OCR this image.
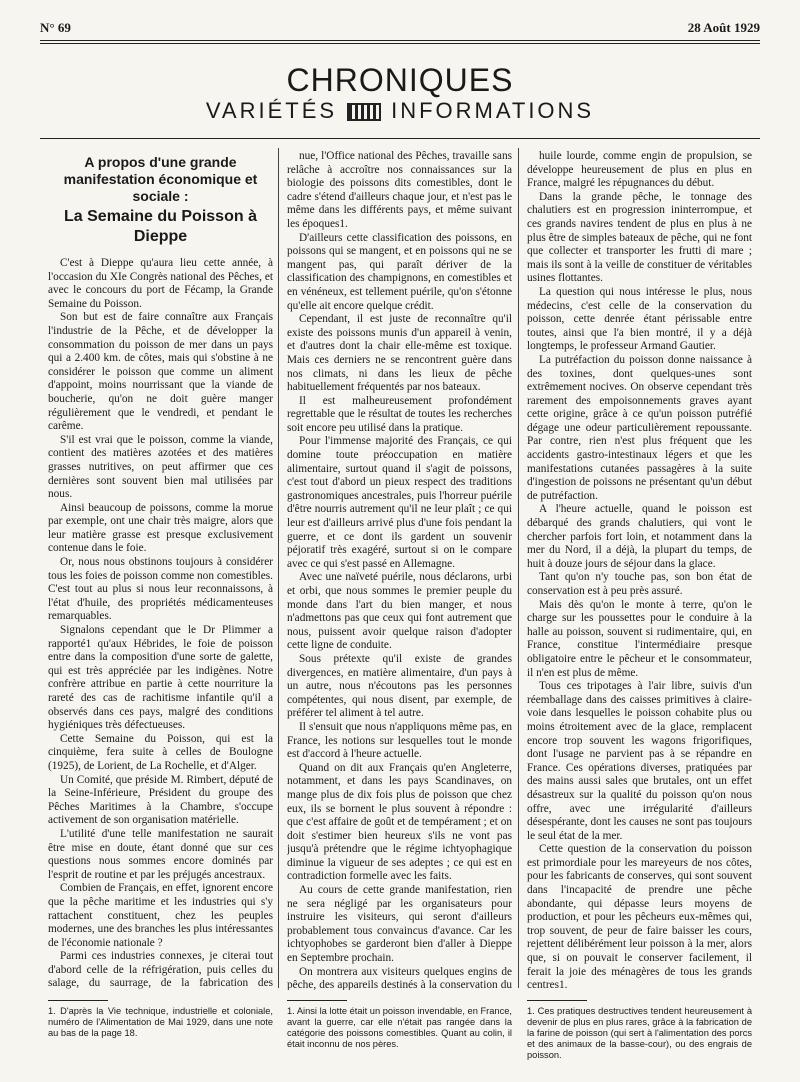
N° 69	28 Août 1929
CHRONIQUES
VARIÉTÉS INFORMATIONS
A propos d'une grande manifestation économique et sociale :
La Semaine du Poisson à Dieppe

C'est à Dieppe qu'aura lieu cette année, à l'occasion du XIe Congrès national des Pêches, et avec le concours du port de Fécamp, la Grande Semaine du Poisson.

Son but est de faire connaître aux Français l'industrie de la Pêche, et de développer la consommation du poisson de mer dans un pays qui a 2.400 km. de côtes, mais qui s'obstine à ne considérer le poisson que comme un aliment d'appoint, moins nourrissant que la viande de boucherie, qu'on ne doit guère manger régulièrement que le vendredi, et pendant le carême.

S'il est vrai que le poisson, comme la viande, contient des matières azotées et des matières grasses nutritives, on peut affirmer que ces dernières sont souvent bien mal utilisées par nous.

Ainsi beaucoup de poissons, comme la morue par exemple, ont une chair très maigre, alors que leur matière grasse est presque exclusivement contenue dans le foie.

Or, nous nous obstinons toujours à considérer tous les foies de poisson comme non comestibles. C'est tout au plus si nous leur reconnaissons, à l'état d'huile, des propriétés médicamenteuses remarquables.

Signalons cependant que le Dr Plimmer a rapporté1 qu'aux Hébrides, le foie de poisson entre dans la composition d'une sorte de galette, qui est très appréciée par les indigènes. Notre confrère attribue en partie à cette nourriture la rareté des cas de rachitisme infantile qu'il a observés dans ces pays, malgré des conditions hygiéniques très défectueuses.

Cette Semaine du Poisson, qui est la cinquième, fera suite à celles de Boulogne (1925), de Lorient, de La Rochelle, et d'Alger.

Un Comité, que préside M. Rimbert, député de la Seine-Inférieure, Président du groupe des Pêches Maritimes à la Chambre, s'occupe activement de son organisation matérielle.

L'utilité d'une telle manifestation ne saurait être mise en doute, étant donné que sur ces questions nous sommes encore dominés par l'esprit de routine et par les préjugés ancestraux.

Combien de Français, en effet, ignorent encore que la pêche maritime et les industries qui s'y rattachent constituent, chez les peuples modernes, une des branches les plus intéressantes de l'économie nationale ?

Parmi ces industries connexes, je citerai tout d'abord celle de la réfrigération, puis celles du salage, du saurrage, de la fabrication des

nue, l'Office national des Pêches, travaille sans relâche à accroître nos connaissances sur la biologie des poissons dits comestibles, dont le cadre s'étend d'ailleurs chaque jour, et n'est pas le même dans les différents pays, et même suivant les époques1.

D'ailleurs cette classification des poissons, en poissons qui se mangent, et en poissons qui ne se mangent pas, qui paraît dériver de la classification des champignons, en comestibles et en vénéneux, est tellement puérile, qu'on s'étonne qu'elle ait encore quelque crédit.

Cependant, il est juste de reconnaître qu'il existe des poissons munis d'un appareil à venin, et d'autres dont la chair elle-même est toxique. Mais ces derniers ne se rencontrent guère dans nos climats, ni dans les lieux de pêche habituellement fréquentés par nos bateaux.

Il est malheureusement profondément regrettable que le résultat de toutes les recherches soit encore peu utilisé dans la pratique.

Pour l'immense majorité des Français, ce qui domine toute préoccupation en matière alimentaire, surtout quand il s'agit de poissons, c'est tout d'abord un pieux respect des traditions gastronomiques ancestrales, puis l'horreur puérile d'être nourris autrement qu'il ne leur plaît ; ce qui leur est d'ailleurs arrivé plus d'une fois pendant la guerre, et ce dont ils gardent un souvenir péjoratif très exagéré, surtout si on le compare avec ce qui s'est passé en Allemagne.

Avec une naïveté puérile, nous déclarons, urbi et orbi, que nous sommes le premier peuple du monde dans l'art du bien manger, et nous n'admettons pas que ceux qui font autrement que nous, puissent avoir quelque raison d'adopter cette ligne de conduite.

Sous prétexte qu'il existe de grandes divergences, en matière alimentaire, d'un pays à un autre, nous n'écoutons pas les personnes compétentes, qui nous disent, par exemple, de préférer tel aliment à tel autre.

Il s'ensuit que nous n'appliquons même pas, en France, les notions sur lesquelles tout le monde est d'accord à l'heure actuelle.

Quand on dit aux Français qu'en Angleterre, notamment, et dans les pays Scandinaves, on mange plus de dix fois plus de poisson que chez eux, ils se bornent le plus souvent à répondre : que c'est affaire de goût et de tempérament ; et on doit s'estimer bien heureux s'ils ne vont pas jusqu'à prétendre que le régime ichtyophagique diminue la vigueur de ses adeptes ; ce qui est en contradiction formelle avec les faits.

Au cours de cette grande manifestation, rien ne sera négligé par les organisateurs pour instruire les visiteurs, qui seront d'ailleurs probablement tous convaincus d'avance. Car les ichtyophobes se garderont bien d'aller à Dieppe en Septembre prochain.

On montrera aux visiteurs quelques engins de pêche, des appareils destinés à la conservation du

huile lourde, comme engin de propulsion, se développe heureusement de plus en plus en France, malgré les répugnances du début.

Dans la grande pêche, le tonnage des chalutiers est en progression ininterrompue, et ces grands navires tendent de plus en plus à ne plus être de simples bateaux de pêche, qui ne font que collecter et transporter les frutti di mare ; mais ils sont à la veille de constituer de véritables usines flottantes.

La question qui nous intéresse le plus, nous médecins, c'est celle de la conservation du poisson, cette denrée étant périssable entre toutes, ainsi que l'a bien montré, il y a déjà longtemps, le professeur Armand Gautier.

La putréfaction du poisson donne naissance à des toxines, dont quelques-unes sont extrêmement nocives. On observe cependant très rarement des empoisonnements graves ayant cette origine, grâce à ce qu'un poisson putréfié dégage une odeur particulièrement repoussante. Par contre, rien n'est plus fréquent que les accidents gastro-intestinaux légers et que les manifestations cutanées passagères à la suite d'ingestion de poissons ne présentant qu'un début de putréfaction.

A l'heure actuelle, quand le poisson est débarqué des grands chalutiers, qui vont le chercher parfois fort loin, et notamment dans la mer du Nord, il a déjà, la plupart du temps, de huit à douze jours de séjour dans la glace.

Tant qu'on n'y touche pas, son bon état de conservation est à peu près assuré.

Mais dès qu'on le monte à terre, qu'on le charge sur les poussettes pour le conduire à la halle au poisson, souvent si rudimentaire, qui, en France, constitue l'intermédiaire presque obligatoire entre le pêcheur et le consommateur, il n'en est plus de même.

Tous ces tripotages à l'air libre, suivis d'un réemballage dans des caisses primitives à claire-voie dans lesquelles le poisson cohabite plus ou moins étroitement avec de la glace, remplacent encore trop souvent les wagons frigorifiques, dont l'usage ne parvient pas à se répandre en France. Ces opérations diverses, pratiquées par des mains aussi sales que brutales, ont un effet désastreux sur la qualité du poisson qu'on nous offre, avec une irrégularité d'ailleurs désespérante, dont les causes ne sont pas toujours le seul état de la mer.

Cette question de la conservation du poisson est primordiale pour les mareyeurs de nos côtes, pour les fabricants de conserves, qui sont souvent dans l'incapacité de prendre une pêche abondante, qui dépasse leurs moyens de production, et pour les pêcheurs eux-mêmes qui, trop souvent, de peur de faire baisser les cours, rejettent délibérément leur poisson à la mer, alors que, si on pouvait le conserver facilement, il ferait la joie des ménagères de tous les grands centres1.

1. D'après la Vie technique, industrielle et coloniale, numéro de l'Alimentation de Mai 1929, dans une note au bas de la page 18.
1. Ainsi la lotte était un poisson invendable, en France, avant la guerre, car elle n'était pas rangée dans la catégorie des poissons comestibles. Quant au colin, il était inconnu de nos pères.
1. Ces pratiques destructives tendent heureusement à devenir de plus en plus rares, grâce à la fabrication de la farine de poisson (qui sert à l'alimentation des porcs et des animaux de la basse-cour), ou des engrais de poisson.
